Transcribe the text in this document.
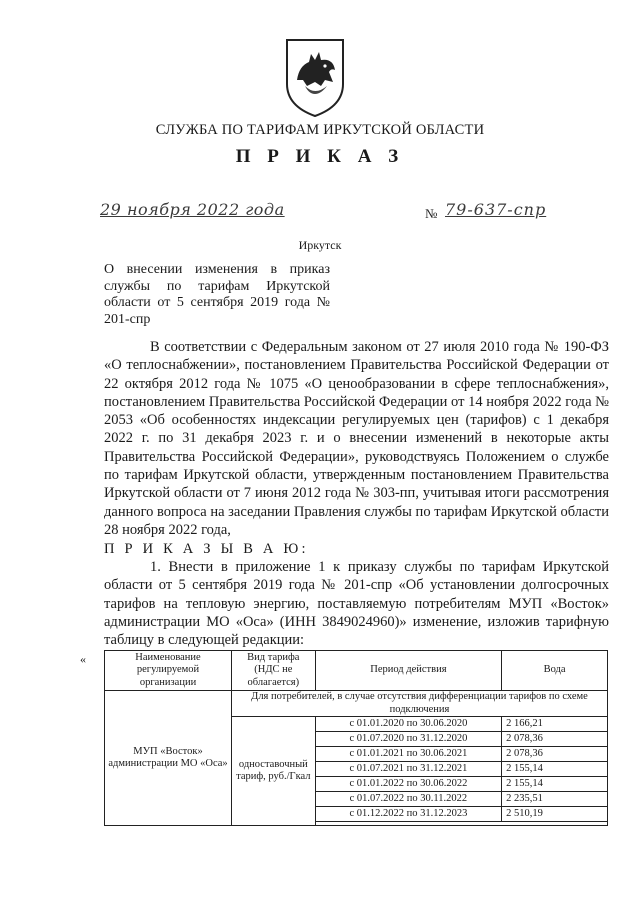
СЛУЖБА ПО ТАРИФАМ ИРКУТСКОЙ ОБЛАСТИ
П Р И К А З
29 ноября 2022 года	№ 79-637-спр
Иркутск
О внесении изменения в приказ службы по тарифам Иркутской области от 5 сентября 2019 года № 201-спр
В соответствии с Федеральным законом от 27 июля 2010 года № 190-ФЗ «О теплоснабжении», постановлением Правительства Российской Федерации от 22 октября 2012 года № 1075 «О ценообразовании в сфере теплоснабжения», постановлением Правительства Российской Федерации от 14 ноября 2022 года № 2053 «Об особенностях индексации регулируемых цен (тарифов) с 1 декабря 2022 г. по 31 декабря 2023 г. и о внесении изменений в некоторые акты Правительства Российской Федерации», руководствуясь Положением о службе по тарифам Иркутской области, утвержденным постановлением Правительства Иркутской области от 7 июня 2012 года № 303-пп, учитывая итоги рассмотрения данного вопроса на заседании Правления службы по тарифам Иркутской области 28 ноября 2022 года,
П Р И К А З Ы В А Ю:
1. Внести в приложение 1 к приказу службы по тарифам Иркутской области от 5 сентября 2019 года № 201-спр «Об установлении долгосрочных тарифов на тепловую энергию, поставляемую потребителям МУП «Восток» администрации МО «Оса» (ИНН 3849024960)» изменение, изложив тарифную таблицу в следующей редакции:
«	Наименование регулируемой организации	Вид тарифа (НДС не облагается)	Период действия	Вода
МУП «Восток» администрации МО «Оса»	Для потребителей, в случае отсутствия дифференциации тарифов по схеме подключения		
	одноставочный тариф, руб./Гкал	с 01.01.2020 по 30.06.2020	2 166,21
		с 01.07.2020 по 31.12.2020	2 078,36
		с 01.01.2021 по 30.06.2021	2 078,36
		с 01.07.2021 по 31.12.2021	2 155,14
		с 01.01.2022 по 30.06.2022	2 155,14
		с 01.07.2022 по 30.11.2022	2 235,51
		с 01.12.2022 по 31.12.2023	2 510,19
